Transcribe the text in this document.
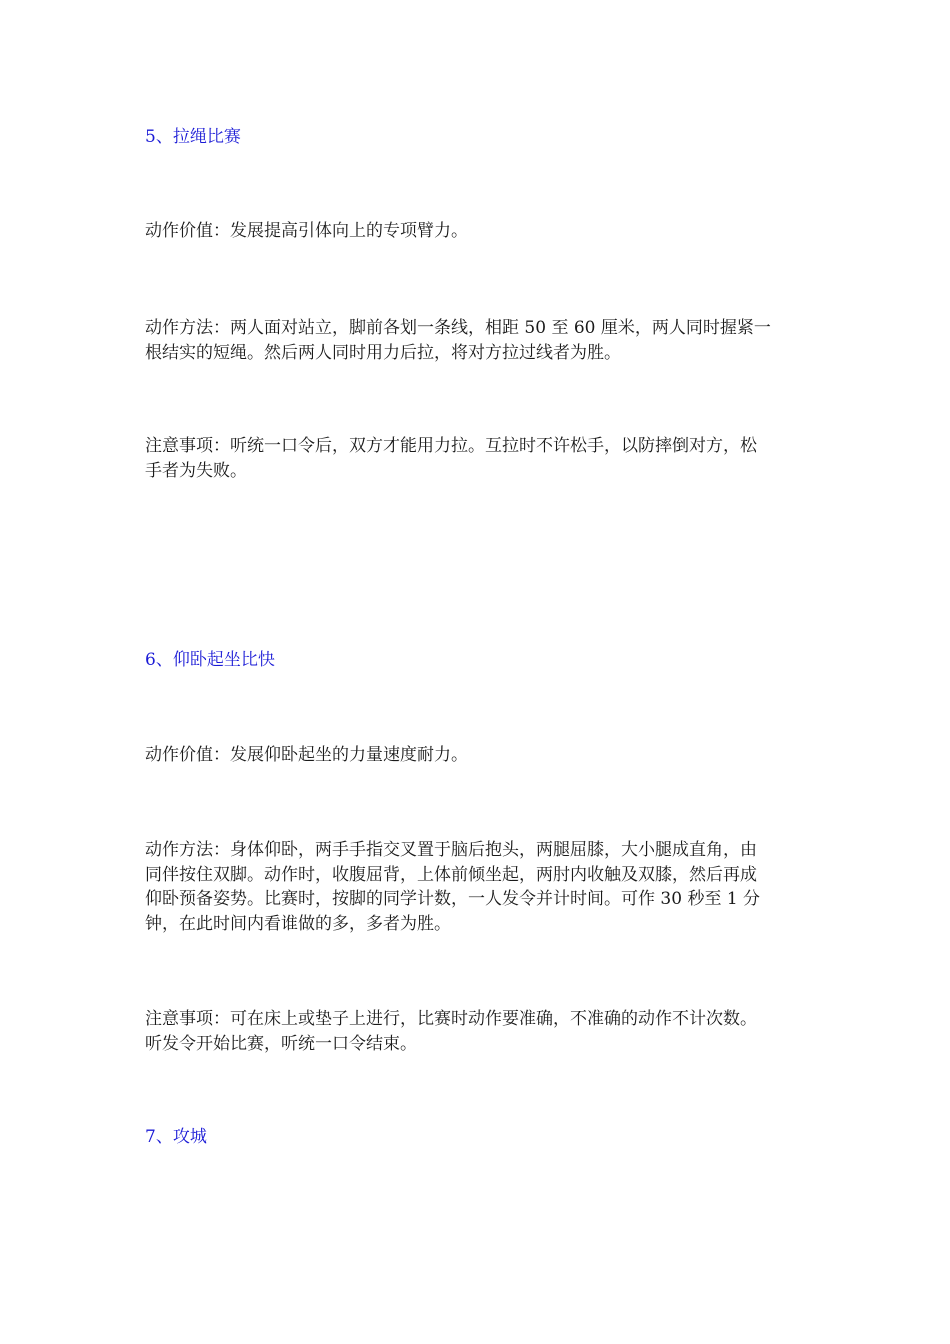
5、拉绳比赛
动作价值：发展提高引体向上的专项臂力。
动作方法：两人面对站立，脚前各划一条线，相距 50 至 60 厘米，两人同时握紧一
根结实的短绳。然后两人同时用力后拉，将对方拉过线者为胜。
注意事项：听统一口令后，双方才能用力拉。互拉时不许松手，以防摔倒对方，松
手者为失败。
6、仰卧起坐比快
动作价值：发展仰卧起坐的力量速度耐力。
动作方法：身体仰卧，两手手指交叉置于脑后抱头，两腿屈膝，大小腿成直角，由
同伴按住双脚。动作时，收腹屈背，上体前倾坐起，两肘内收触及双膝，然后再成
仰卧预备姿势。比赛时，按脚的同学计数，一人发令并计时间。可作 30 秒至 1 分
钟，在此时间内看谁做的多，多者为胜。
注意事项：可在床上或垫子上进行，比赛时动作要准确，不准确的动作不计次数。
听发令开始比赛，听统一口令结束。
7、攻城
